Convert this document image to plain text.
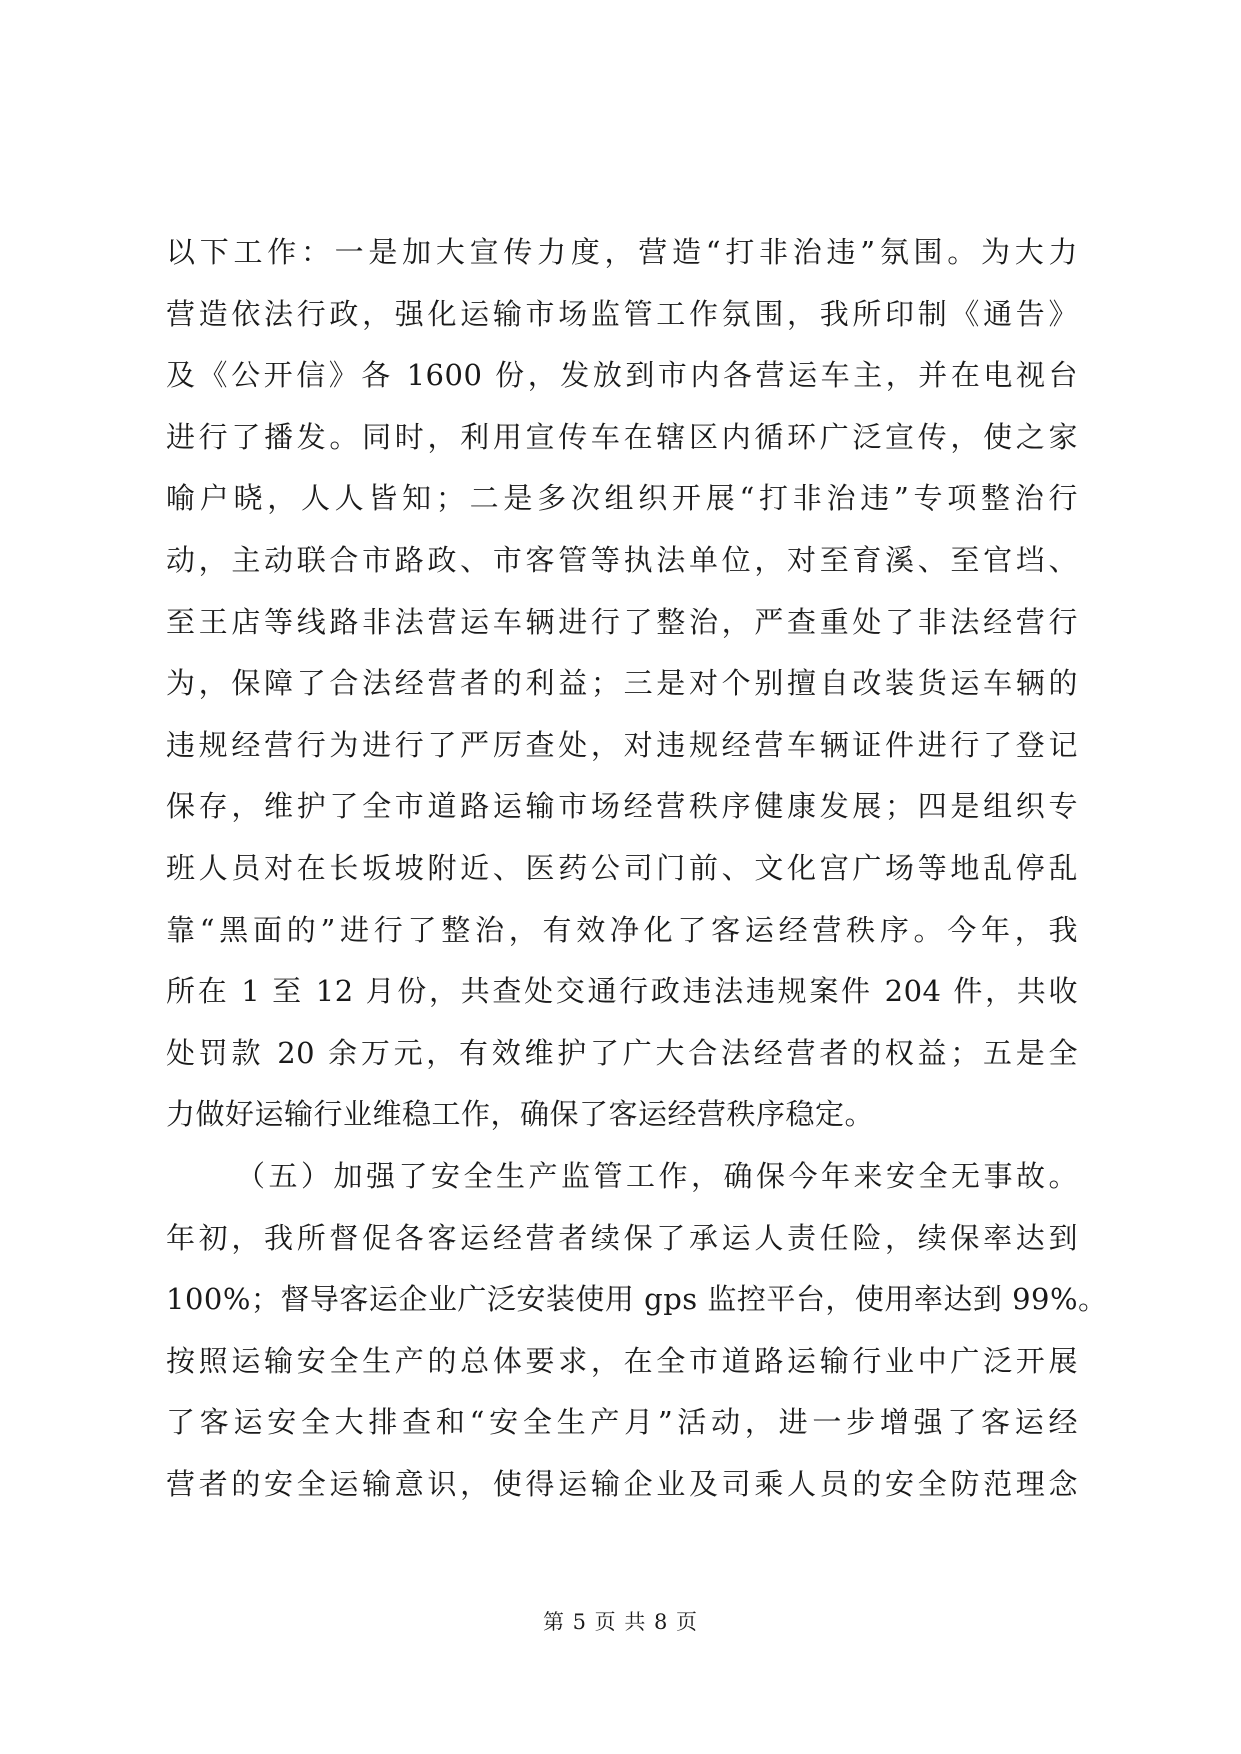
以下工作：一是加大宣传力度，营造“打非治违”氛围。为大力
营造依法行政，强化运输市场监管工作氛围，我所印制《通告》
及《公开信》各 1600 份，发放到市内各营运车主，并在电视台
进行了播发。同时，利用宣传车在辖区内循环广泛宣传，使之家
喻户晓，人人皆知；二是多次组织开展“打非治违”专项整治行
动，主动联合市路政、市客管等执法单位，对至育溪、至官垱、
至王店等线路非法营运车辆进行了整治，严查重处了非法经营行
为，保障了合法经营者的利益；三是对个别擅自改装货运车辆的
违规经营行为进行了严厉查处，对违规经营车辆证件进行了登记
保存，维护了全市道路运输市场经营秩序健康发展；四是组织专
班人员对在长坂坡附近、医药公司门前、文化宫广场等地乱停乱
靠“黑面的”进行了整治，有效净化了客运经营秩序。今年，我
所在 1 至 12 月份，共查处交通行政违法违规案件 204 件，共收
处罚款 20 余万元，有效维护了广大合法经营者的权益；五是全
力做好运输行业维稳工作，确保了客运经营秩序稳定。
（五）加强了安全生产监管工作，确保今年来安全无事故。
年初，我所督促各客运经营者续保了承运人责任险，续保率达到
100%；督导客运企业广泛安装使用 gps 监控平台，使用率达到 99%。
按照运输安全生产的总体要求，在全市道路运输行业中广泛开展
了客运安全大排查和“安全生产月”活动，进一步增强了客运经
营者的安全运输意识，使得运输企业及司乘人员的安全防范理念
第 5 页 共 8 页
